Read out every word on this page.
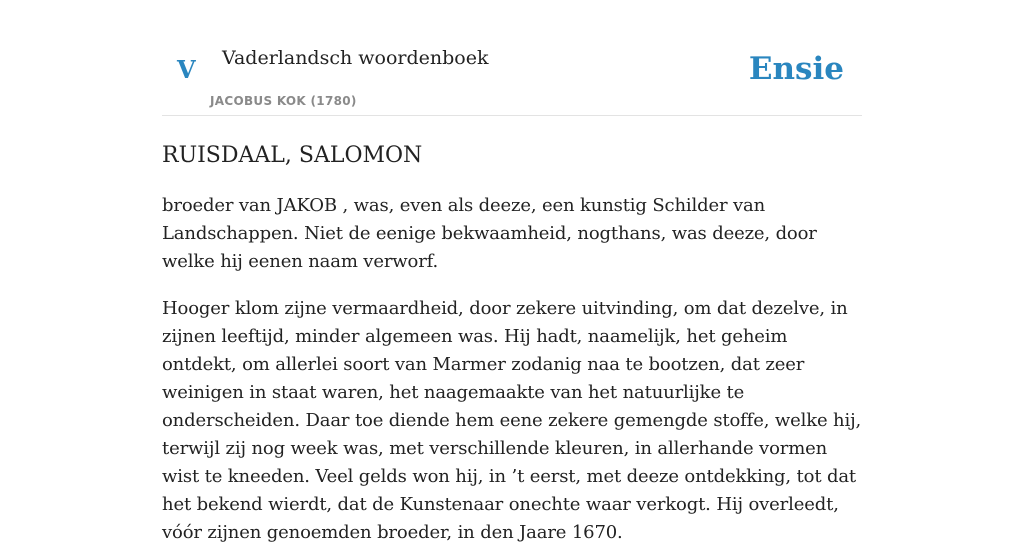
V Vaderlandsch woordenboek
JACOBUS KOK (1780)
Ensie
RUISDAAL, SALOMON

broeder van JAKOB , was, even als deeze, een kunstig Schilder van Landschappen. Niet de eenige bekwaamheid, nogthans, was deeze, door welke hij eenen naam verworf.

Hooger klom zijne vermaardheid, door zekere uitvinding, om dat dezelve, in zijnen leeftijd, minder algemeen was. Hij hadt, naamelijk, het geheim ontdekt, om allerlei soort van Marmer zodanig naa te bootzen, dat zeer weinigen in staat waren, het naagemaakte van het natuurlijke te onderscheiden. Daar toe diende hem eene zekere gemengde stoffe, welke hij, terwijl zij nog week was, met verschillende kleuren, in allerhande vormen wist te kneeden. Veel gelds won hij, in ’t eerst, met deeze ontdekking, tot dat het bekend wierdt, dat de Kunstenaar onechte waar verkogt. Hij overleedt, vóór zijnen genoemden broeder, in den Jaare 1670.
